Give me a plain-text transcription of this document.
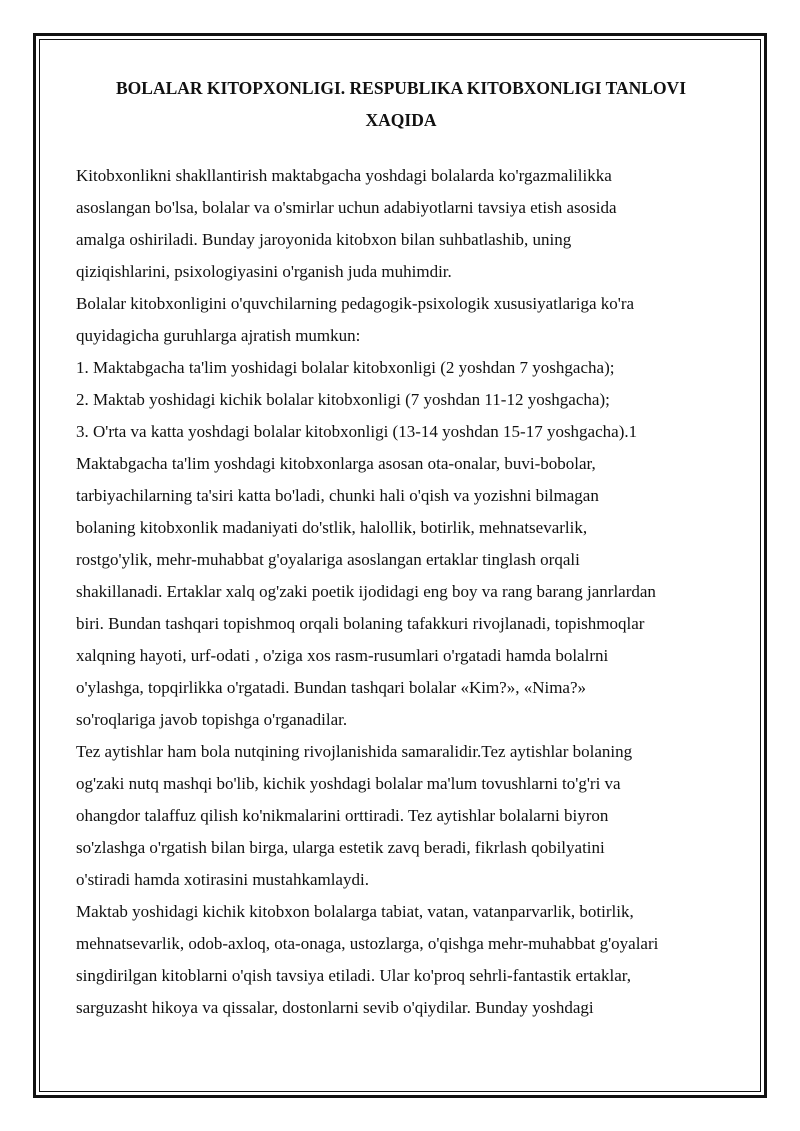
BOLALAR KITOPXONLIGI. RESPUBLIKA KITOBXONLIGI TANLOVI
XAQIDA

Kitobxonlikni shakllantirish maktabgacha yoshdagi bolalarda ko'rgazmalilikka
asoslangan bo'lsa, bolalar va o'smirlar uchun adabiyotlarni tavsiya etish asosida
amalga oshiriladi. Bunday jaroyonida kitobxon bilan suhbatlashib, uning
qiziqishlarini, psixologiyasini o'rganish juda muhimdir.

Bolalar kitobxonligini o'quvchilarning pedagogik-psixologik xususiyatlariga ko'ra
quyidagicha guruhlarga ajratish mumkun:

1. Maktabgacha ta'lim yoshidagi bolalar kitobxonligi (2 yoshdan 7 yoshgacha);

2. Maktab yoshidagi kichik bolalar kitobxonligi (7 yoshdan 11-12 yoshgacha);

3. O'rta va katta yoshdagi bolalar kitobxonligi (13-14 yoshdan 15-17 yoshgacha).1

Maktabgacha ta'lim yoshdagi kitobxonlarga asosan ota-onalar, buvi-bobolar,
tarbiyachilarning ta'siri katta bo'ladi, chunki hali o'qish va yozishni bilmagan
bolaning kitobxonlik madaniyati do'stlik, halollik, botirlik, mehnatsevarlik,
rostgo'ylik, mehr-muhabbat g'oyalariga asoslangan ertaklar tinglash orqali
shakillanadi. Ertaklar xalq og'zaki poetik ijodidagi eng boy va rang barang janrlardan
biri. Bundan tashqari topishmoq orqali bolaning tafakkuri rivojlanadi, topishmoqlar
xalqning hayoti, urf-odati , o'ziga xos rasm-rusumlari o'rgatadi hamda bolalrni
o'ylashga, topqirlikka o'rgatadi. Bundan tashqari bolalar «Kim?», «Nima?»
so'roqlariga javob topishga o'rganadilar.

Tez aytishlar ham bola nutqining rivojlanishida samaralidir.Tez aytishlar bolaning
og'zaki nutq mashqi bo'lib, kichik yoshdagi bolalar ma'lum tovushlarni to'g'ri va
ohangdor talaffuz qilish ko'nikmalarini orttiradi. Tez aytishlar bolalarni biyron
so'zlashga o'rgatish bilan birga, ularga estetik zavq beradi, fikrlash qobilyatini
o'stiradi hamda xotirasini mustahkamlaydi.

Maktab yoshidagi kichik kitobxon bolalarga tabiat, vatan, vatanparvarlik, botirlik,
mehnatsevarlik, odob-axloq, ota-onaga, ustozlarga, o'qishga mehr-muhabbat g'oyalari
singdirilgan kitoblarni o'qish tavsiya etiladi. Ular ko'proq sehrli-fantastik ertaklar,
sarguzasht hikoya va qissalar, dostonlarni sevib o'qiydilar. Bunday yoshdagi
